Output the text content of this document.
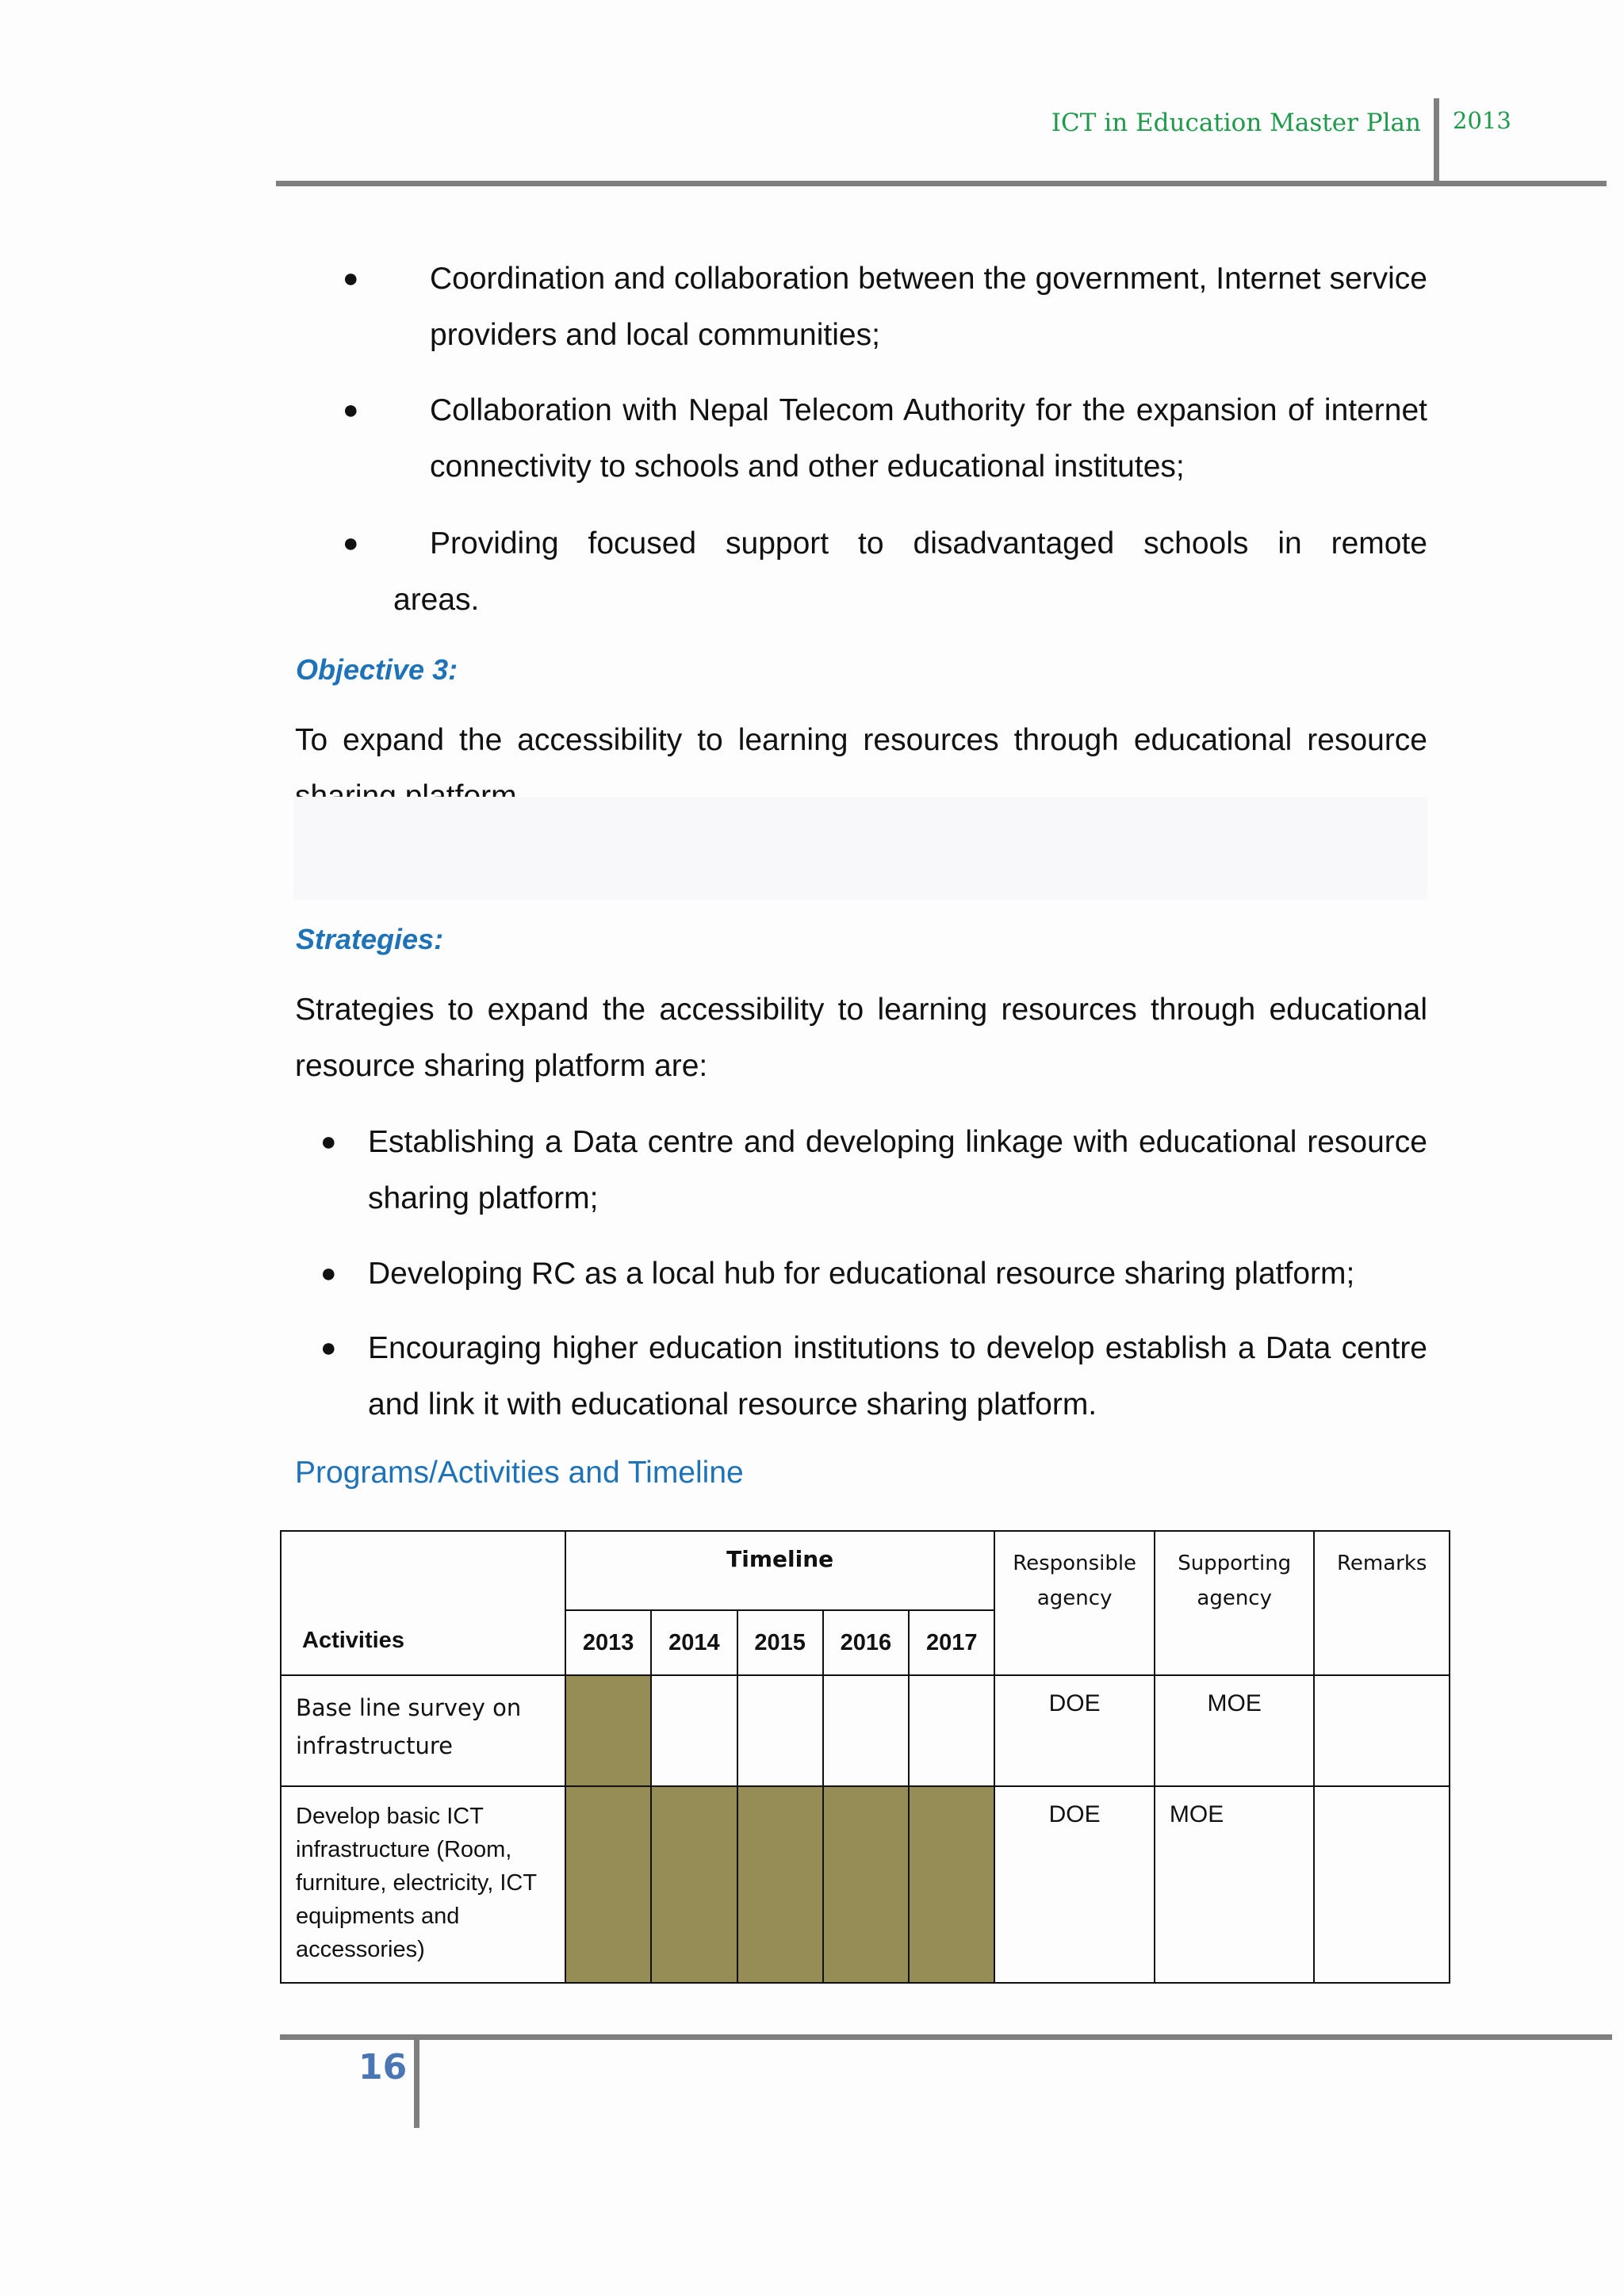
ICT in Education Master Plan 2013
● Coordination and collaboration between the government, Internet service providers and local communities;
● Collaboration with Nepal Telecom Authority for the expansion of internet connectivity to schools and other educational institutes;
● Providing focused support to disadvantaged schools in remote
areas.
Objective 3:
To expand the accessibility to learning resources through educational resource
Strategies:
Strategies to expand the accessibility to learning resources through educational resource sharing platform are:
● Establishing a Data centre and developing linkage with educational resource sharing platform;
● Developing RC as a local hub for educational resource sharing platform;
● Encouraging higher education institutions to develop establish a Data centre and link it with educational resource sharing platform.
Programs/Activities and Timeline
Activities	Timeline					Responsible agency	Supporting agency	Remarks
	2013	2014	2015	2016	2017			
Base line survey on infrastructure						DOE	MOE	
Develop basic ICT infrastructure (Room, furniture, electricity, ICT equipments and accessories)						DOE	MOE	
16
